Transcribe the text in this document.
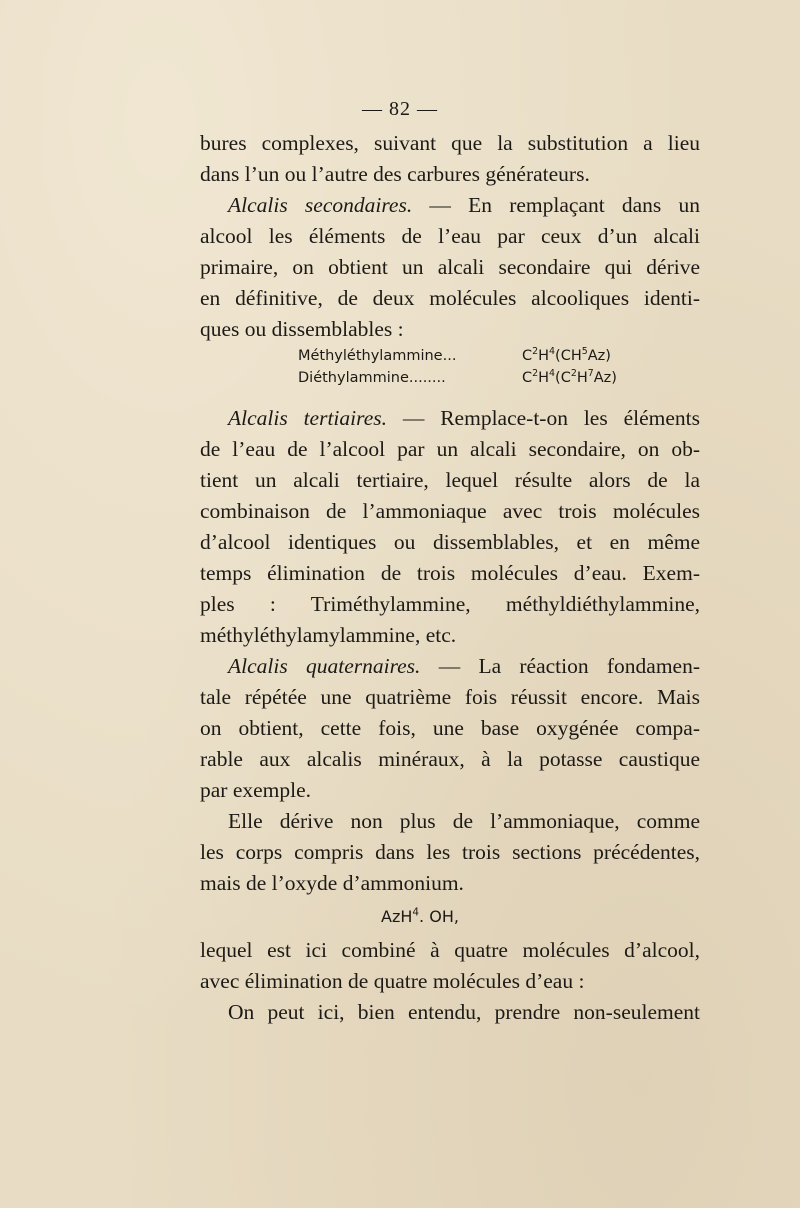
— 82 —
bures complexes, suivant que la substitution a lieu
dans l’un ou l’autre des carbures générateurs.
Alcalis secondaires. — En remplaçant dans un
alcool les éléments de l’eau par ceux d’un alcali
primaire, on obtient un alcali secondaire qui dérive
en définitive, de deux molécules alcooliques identi-
ques ou dissemblables :
Méthyléthylammine...	$C^2H^4(CH^5Az)$
Diéthylammine........	$C^2H^4(C^2H^7Az)$
Alcalis tertiaires. — Remplace-t-on les éléments
de l’eau de l’alcool par un alcali secondaire, on ob-
tient un alcali tertiaire, lequel résulte alors de la
combinaison de l’ammoniaque avec trois molécules
d’alcool identiques ou dissemblables, et en même
temps élimination de trois molécules d’eau. Exem-
ples : Triméthylammine, méthyldiéthylammine,
méthyléthylamylammine, etc.
Alcalis quaternaires. — La réaction fondamen-
tale répétée une quatrième fois réussit encore. Mais
on obtient, cette fois, une base oxygénée compa-
rable aux alcalis minéraux, à la potasse caustique
par exemple.
Elle dérive non plus de l’ammoniaque, comme
les corps compris dans les trois sections précédentes,
mais de l’oxyde d’ammonium.
AzH$^4$. OH,
lequel est ici combiné à quatre molécules d’alcool,
avec élimination de quatre molécules d’eau :
On peut ici, bien entendu, prendre non-seulement
